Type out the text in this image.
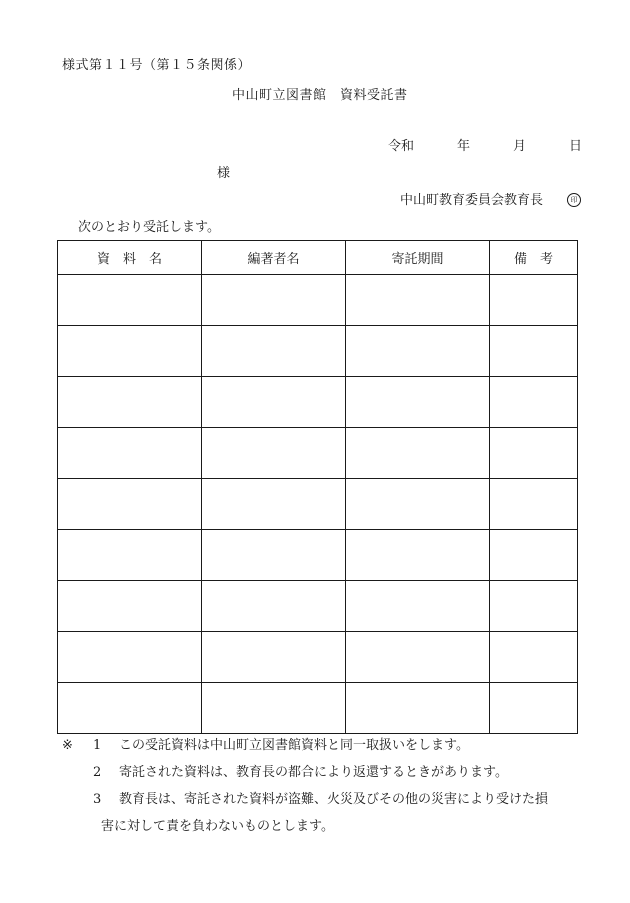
様式第１１号（第１５条関係）
中山町立図書館　資料受託書
令和	年	月	日
様
中山町教育委員会教育長	印
次のとおり受託します。
資　料　名	編著者名	寄託期間	備　考

※ 1 この受託資料は中山町立図書館資料と同一取扱いをします。
2 寄託された資料は、教育長の都合により返還するときがあります。
3 教育長は、寄託された資料が盗難、火災及びその他の災害により受けた損
害に対して責を負わないものとします。
